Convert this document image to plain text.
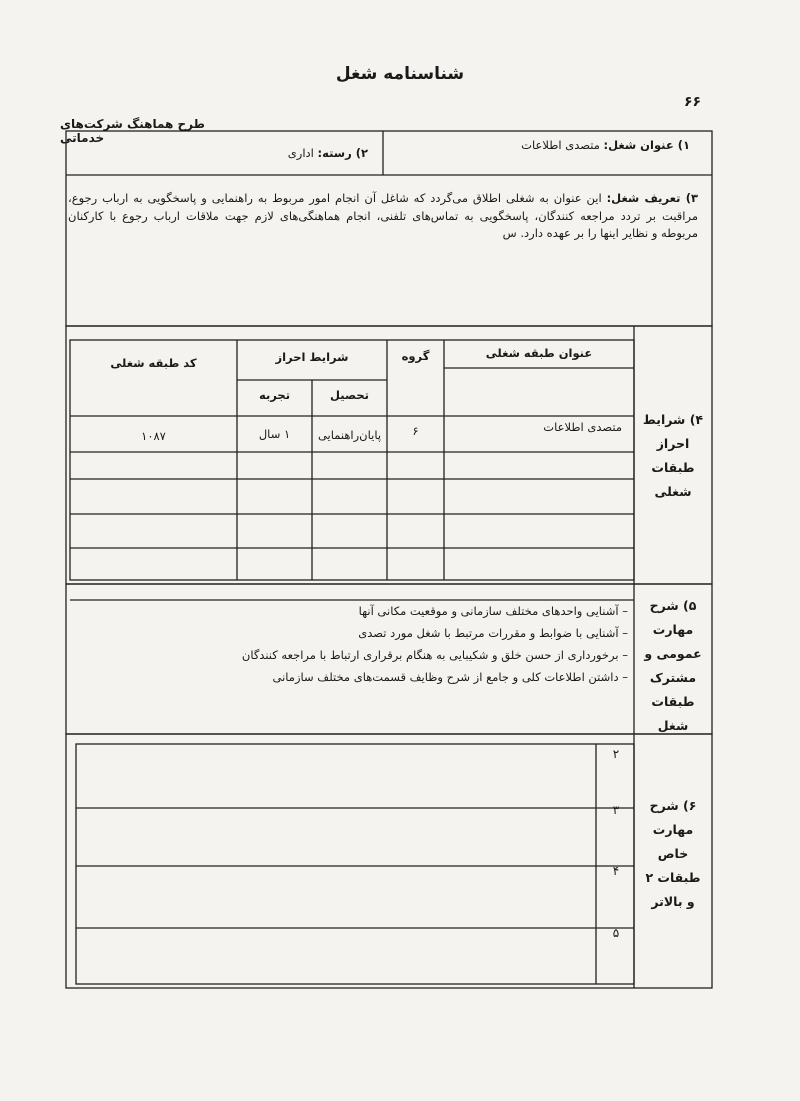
شناسنامه شغل
۶۶
طرح هماهنگ شرکت‌های خدماتی	۱) عنوان شغل: متصدی اطلاعات
۲) رسته: اداری
۳) تعریف شغل: این عنوان به شغلی اطلاق می‌گردد که شاغل آن انجام امور مربوط به راهنمایی و پاسخگویی به ارباب رجوع، مراقبت بر تردد مراجعه کنندگان، پاسخگویی به تماس‌های تلفنی، انجام هماهنگی‌های لازم جهت ملاقات ارباب رجوع با کارکنان مربوطه و نظایر اینها را بر عهده دارد. س
۴) شرایط احراز طبقات شغلی
عنوان طبقه شغلی
گروه
شرایط احراز
تحصیل
تجربه
کد طبقه شغلی
متصدی اطلاعات
۶
پایان‌راهنمایی
۱ سال
۱۰۸۷
۵) شرح مهارت عمومی و مشترک طبقات شغل
– آشنایی واحدهای مختلف سازمانی و موقعیت مکانی آنها
– آشنایی با ضوابط و مقررات مرتبط با شغل مورد تصدی
– برخورداری از حسن خلق و شکیبایی به هنگام برقراری ارتباط با مراجعه کنندگان
– داشتن اطلاعات کلی و جامع از شرح وظایف قسمت‌های مختلف سازمانی
۶) شرح مهارت خاص طبقات ۲ و بالاتر
۲
۳
۴
۵
